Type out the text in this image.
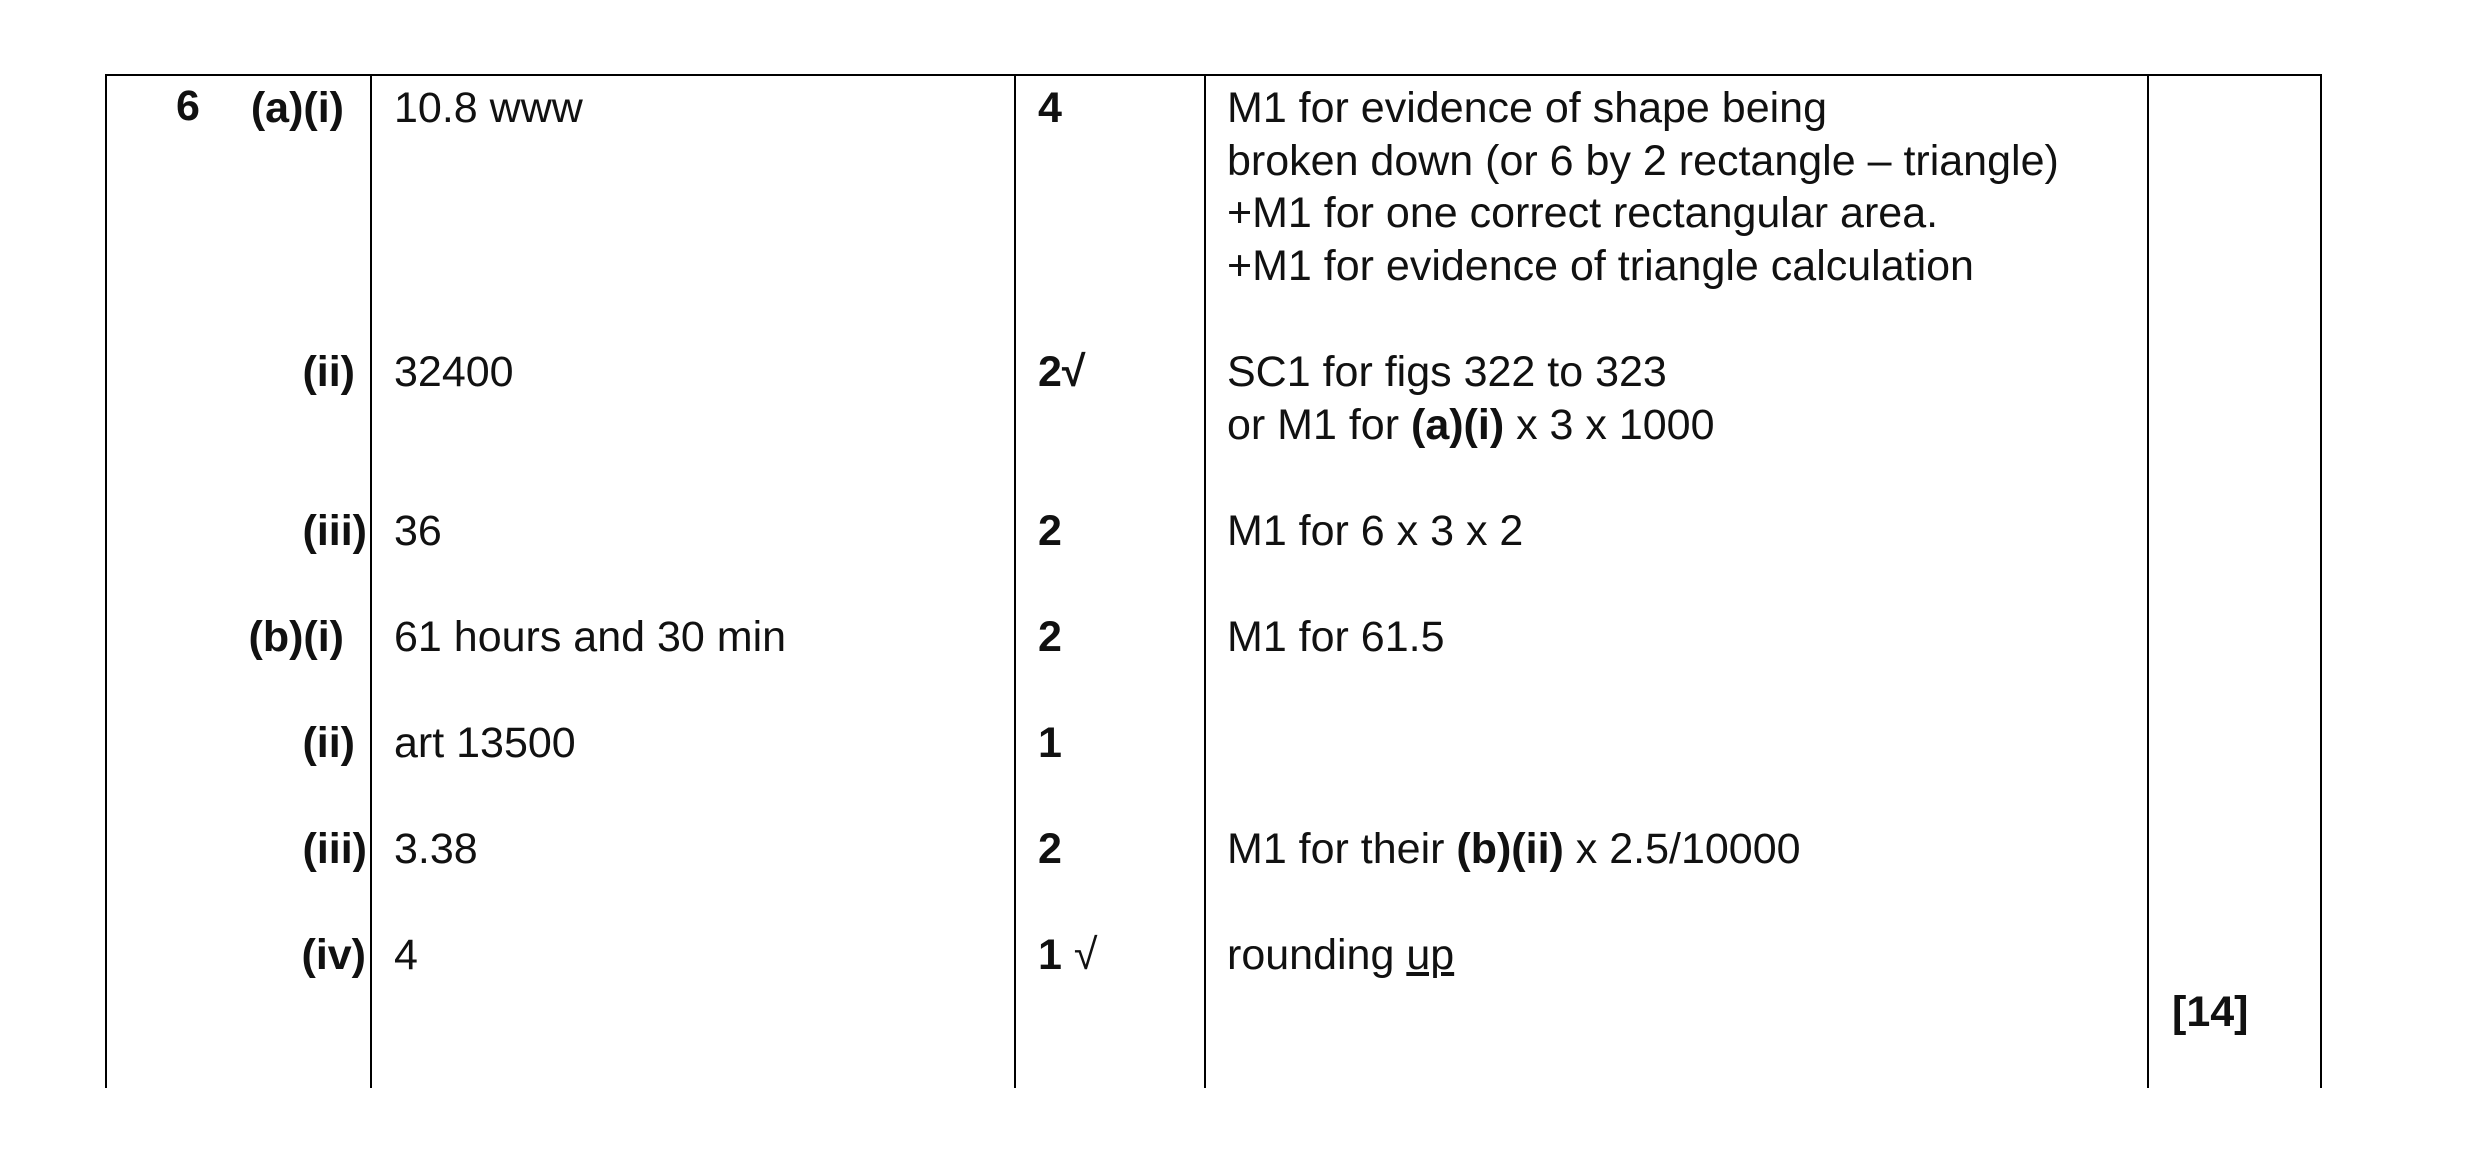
6	(a)(i) 10.8 www	4	M1 for evidence of shape being
broken down (or 6 by 2 rectangle – triangle)
+M1 for one correct rectangular area.
+M1 for evidence of triangle calculation
(ii) 32400	2√	SC1 for figs 322 to 323
or M1 for (a)(i) x 3 x 1000
(iii) 36	2	M1 for 6 x 3 x 2
(b)(i) 61 hours and 30 min	2	M1 for 61.5
(ii) art 13500	1
(iii) 3.38	2	M1 for their (b)(ii) x 2.5/10000
(iv) 4	1 √	rounding up
[14]
